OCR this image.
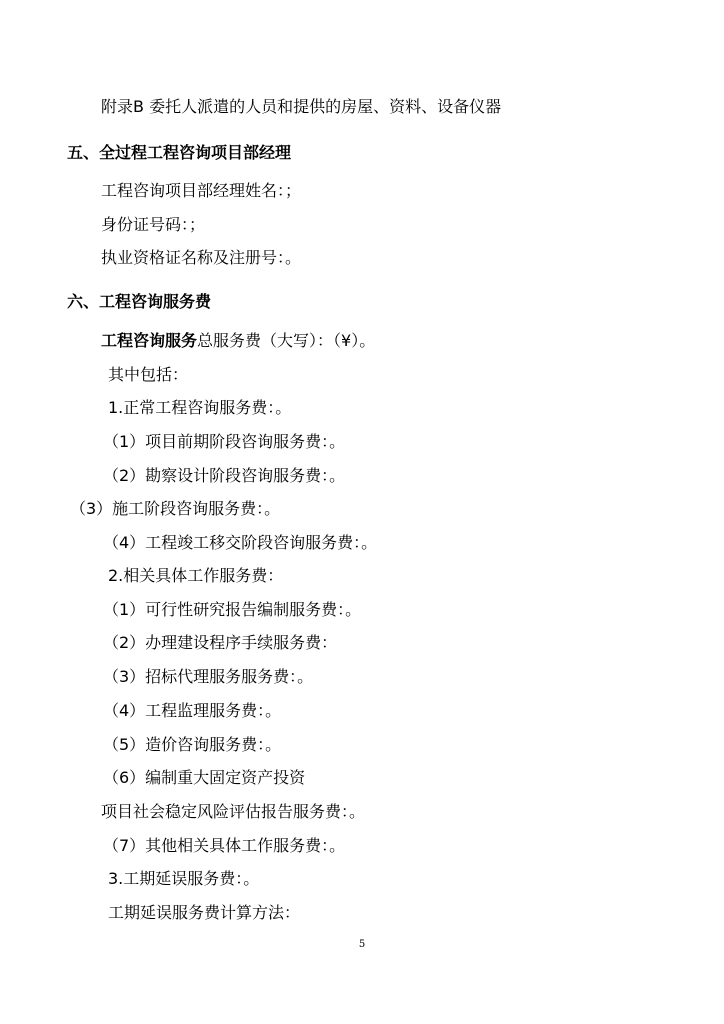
附录B 委托人派遣的人员和提供的房屋、资料、设备仪器
五、全过程工程咨询项目部经理
工程咨询项目部经理姓名：；
身份证号码：；
执业资格证名称及注册号：。
六、工程咨询服务费
工程咨询服务总服务费（大写）：（¥）。
其中包括：
1.正常工程咨询服务费：。
（1）项目前期阶段咨询服务费：。
（2）勘察设计阶段咨询服务费：。
（3）施工阶段咨询服务费：。
（4）工程竣工移交阶段咨询服务费：。
2.相关具体工作服务费：
（1）可行性研究报告编制服务费：。
（2）办理建设程序手续服务费：
（3）招标代理服务服务费：。
（4）工程监理服务费：。
（5）造价咨询服务费：。
（6）编制重大固定资产投资
项目社会稳定风险评估报告服务费：。
（7）其他相关具体工作服务费：。
3.工期延误服务费：。
工期延误服务费计算方法：
5
